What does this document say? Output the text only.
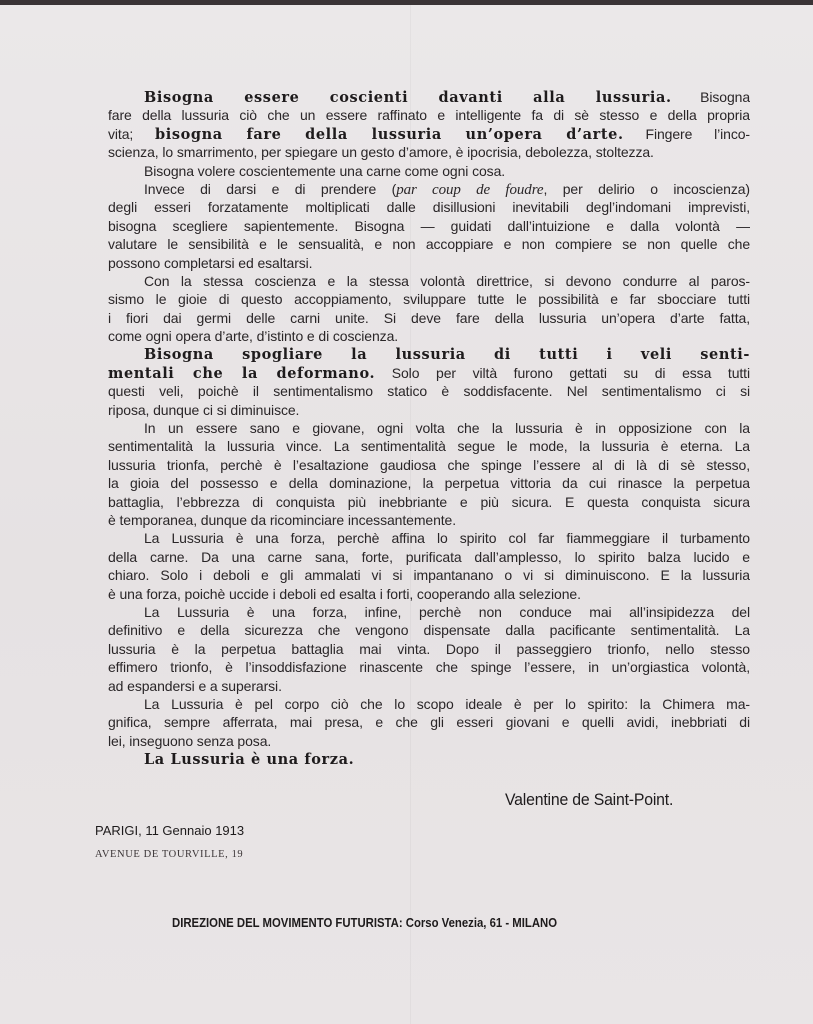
Bisogna essere coscienti davanti alla lussuria. Bisogna
fare della lussuria ciò che un essere raffinato e intelligente fa di sè stesso e della propria
vita; bisogna fare della lussuria un’opera d’arte. Fingere l’inco-
scienza, lo smarrimento, per spiegare un gesto d’amore, è ipocrisia, debolezza, stoltezza.
Bisogna volere coscientemente una carne come ogni cosa.
Invece di darsi e di prendere (par coup de foudre, per delirio o incoscienza)
degli esseri forzatamente moltiplicati dalle disillusioni inevitabili degl’indomani imprevisti,
bisogna scegliere sapientemente. Bisogna — guidati dall’intuizione e dalla volontà —
valutare le sensibilità e le sensualità, e non accoppiare e non compiere se non quelle che
possono completarsi ed esaltarsi.
Con la stessa coscienza e la stessa volontà direttrice, si devono condurre al paros-
sismo le gioie di questo accoppiamento, sviluppare tutte le possibilità e far sbocciare tutti
i fiori dai germi delle carni unite. Si deve fare della lussuria un’opera d’arte fatta,
come ogni opera d’arte, d’istinto e di coscienza.
Bisogna spogliare la lussuria di tutti i veli senti-
mentali che la deformano. Solo per viltà furono gettati su di essa tutti
questi veli, poichè il sentimentalismo statico è soddisfacente. Nel sentimentalismo ci si
riposa, dunque ci si diminuisce.
In un essere sano e giovane, ogni volta che la lussuria è in opposizione con la
sentimentalità la lussuria vince. La sentimentalità segue le mode, la lussuria è eterna. La
lussuria trionfa, perchè è l’esaltazione gaudiosa che spinge l’essere al di là di sè stesso,
la gioia del possesso e della dominazione, la perpetua vittoria da cui rinasce la perpetua
battaglia, l’ebbrezza di conquista più inebbriante e più sicura. E questa conquista sicura
è temporanea, dunque da ricominciare incessantemente.
La Lussuria è una forza, perchè affina lo spirito col far fiammeggiare il turbamento
della carne. Da una carne sana, forte, purificata dall’amplesso, lo spirito balza lucido e
chiaro. Solo i deboli e gli ammalati vi si impantanano o vi si diminuiscono. E la lussuria
è una forza, poichè uccide i deboli ed esalta i forti, cooperando alla selezione.
La Lussuria è una forza, infine, perchè non conduce mai all’insipidezza del
definitivo e della sicurezza che vengono dispensate dalla pacificante sentimentalità. La
lussuria è la perpetua battaglia mai vinta. Dopo il passeggiero trionfo, nello stesso
effimero trionfo, è l’insoddisfazione rinascente che spinge l’essere, in un’orgiastica volontà,
ad espandersi e a superarsi.
La Lussuria è pel corpo ciò che lo scopo ideale è per lo spirito: la Chimera ma-
gnifica, sempre afferrata, mai presa, e che gli esseri giovani e quelli avidi, inebbriati di
lei, inseguono senza posa.
La Lussuria è una forza.
Valentine de Saint-Point.
PARIGI, 11 Gennaio 1913
AVENUE DE TOURVILLE, 19
DIREZIONE DEL MOVIMENTO FUTURISTA: Corso Venezia, 61 - MILANO
